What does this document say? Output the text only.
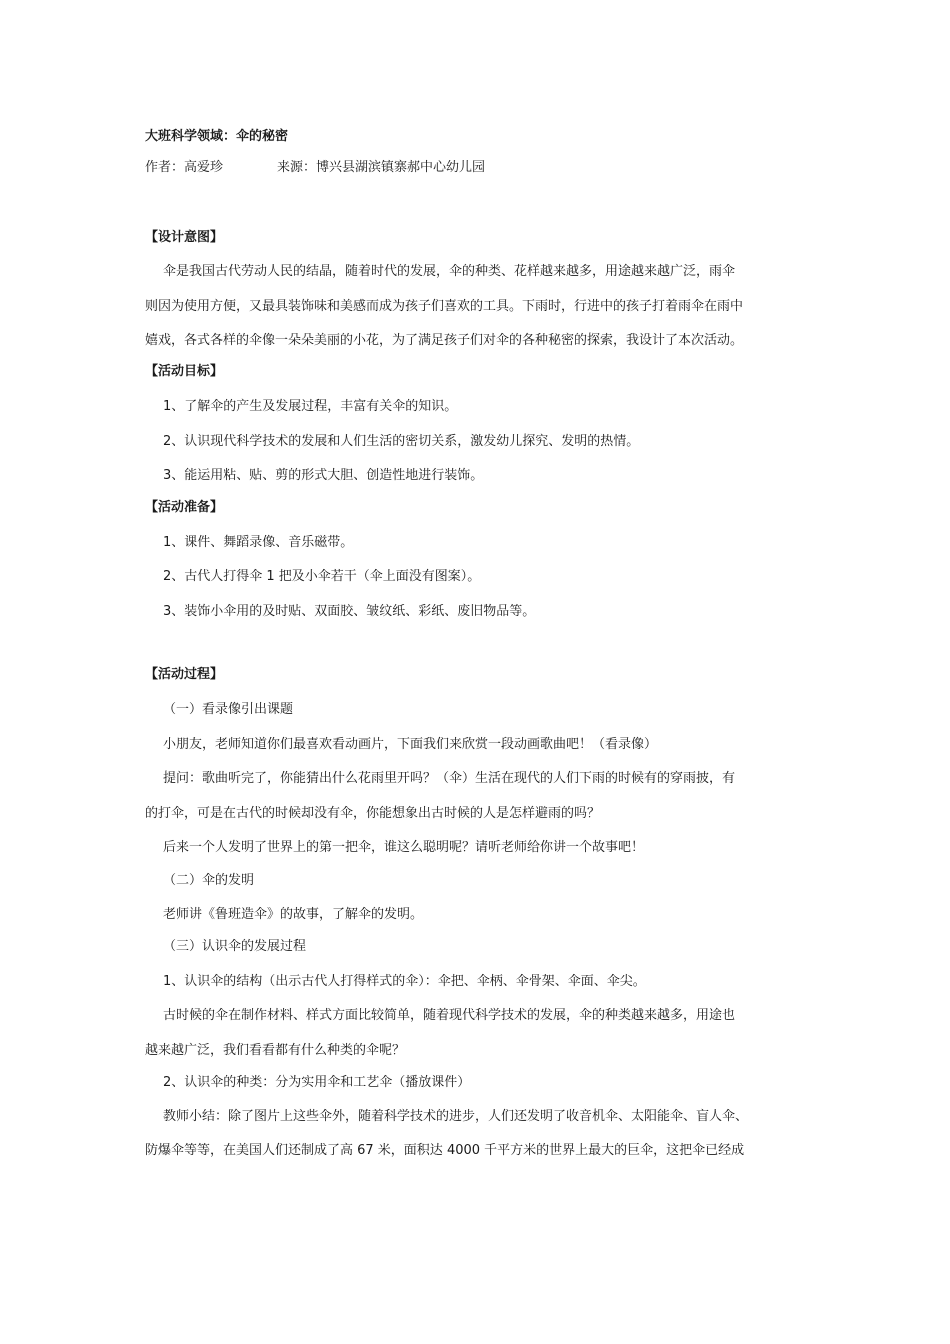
大班科学领域：伞的秘密
作者：高爱珍	来源：博兴县湖滨镇寨郝中心幼儿园
【设计意图】
伞是我国古代劳动人民的结晶，随着时代的发展，伞的种类、花样越来越多，用途越来越广泛，雨伞
则因为使用方便，又最具装饰味和美感而成为孩子们喜欢的工具。下雨时，行进中的孩子打着雨伞在雨中
嬉戏，各式各样的伞像一朵朵美丽的小花，为了满足孩子们对伞的各种秘密的探索，我设计了本次活动。
【活动目标】
1、了解伞的产生及发展过程，丰富有关伞的知识。
2、认识现代科学技术的发展和人们生活的密切关系，激发幼儿探究、发明的热情。
3、能运用粘、贴、剪的形式大胆、创造性地进行装饰。
【活动准备】
1、课件、舞蹈录像、音乐磁带。
2、古代人打得伞 1 把及小伞若干（伞上面没有图案）。
3、装饰小伞用的及时贴、双面胶、皱纹纸、彩纸、废旧物品等。
【活动过程】
（一）看录像引出课题
小朋友，老师知道你们最喜欢看动画片，下面我们来欣赏一段动画歌曲吧！（看录像）
提问：歌曲听完了，你能猜出什么花雨里开吗？（伞）生活在现代的人们下雨的时候有的穿雨披，有
的打伞，可是在古代的时候却没有伞，你能想象出古时候的人是怎样避雨的吗？
后来一个人发明了世界上的第一把伞，谁这么聪明呢？请听老师给你讲一个故事吧！
（二）伞的发明
老师讲《鲁班造伞》的故事，了解伞的发明。
（三）认识伞的发展过程
1、认识伞的结构（出示古代人打得样式的伞）：伞把、伞柄、伞骨架、伞面、伞尖。
古时候的伞在制作材料、样式方面比较简单，随着现代科学技术的发展，伞的种类越来越多，用途也
越来越广泛，我们看看都有什么种类的伞呢？
2、认识伞的种类：分为实用伞和工艺伞（播放课件）
教师小结：除了图片上这些伞外，随着科学技术的进步，人们还发明了收音机伞、太阳能伞、盲人伞、
防爆伞等等，在美国人们还制成了高 67 米，面积达 4000 千平方米的世界上最大的巨伞，这把伞已经成
